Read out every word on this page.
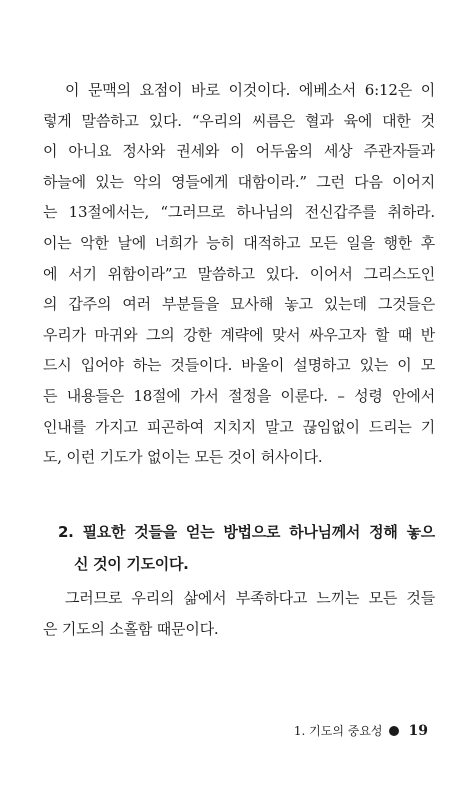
이 문맥의 요점이 바로 이것이다. 에베소서 6:12은 이
렇게 말씀하고 있다. “우리의 씨름은 혈과 육에 대한 것
이 아니요 정사와 권세와 이 어두움의 세상 주관자들과
하늘에 있는 악의 영들에게 대함이라.” 그런 다음 이어지
는 13절에서는, “그러므로 하나님의 전신갑주를 취하라.
이는 악한 날에 너희가 능히 대적하고 모든 일을 행한 후
에 서기 위함이라”고 말씀하고 있다. 이어서 그리스도인
의 갑주의 여러 부분들을 묘사해 놓고 있는데 그것들은
우리가 마귀와 그의 강한 계략에 맞서 싸우고자 할 때 반
드시 입어야 하는 것들이다. 바울이 설명하고 있는 이 모
든 내용들은 18절에 가서 절정을 이룬다. – 성령 안에서
인내를 가지고 피곤하여 지치지 말고 끊임없이 드리는 기
도, 이런 기도가 없이는 모든 것이 허사이다.
2. 필요한 것들을 얻는 방법으로 하나님께서 정해 놓으
신 것이 기도이다.
그러므로 우리의 삶에서 부족하다고 느끼는 모든 것들
은 기도의 소홀함 때문이다.
1. 기도의 중요성 19
